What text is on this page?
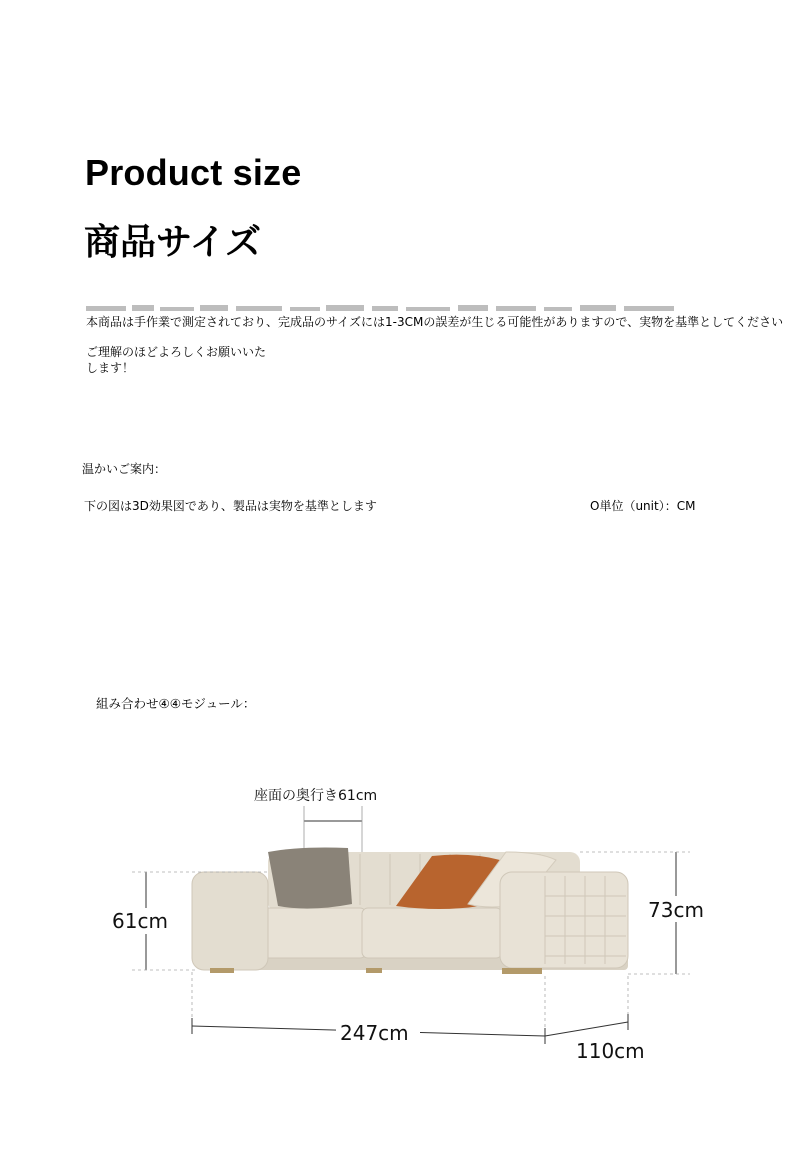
Product size
商品サイズ
本商品は手作業で測定されており、完成品のサイズには1-3CMの誤差が生じる可能性がありますので、実物を基準としてください
ご理解のほどよろしくお願いいた
します！
温かいご案内：
下の図は3D効果図であり、製品は実物を基準とします	O単位（unit）：CM
組み合わせ④④モジュール：
座面の奥行き61cm
61cm	73cm
247cm
110cm
